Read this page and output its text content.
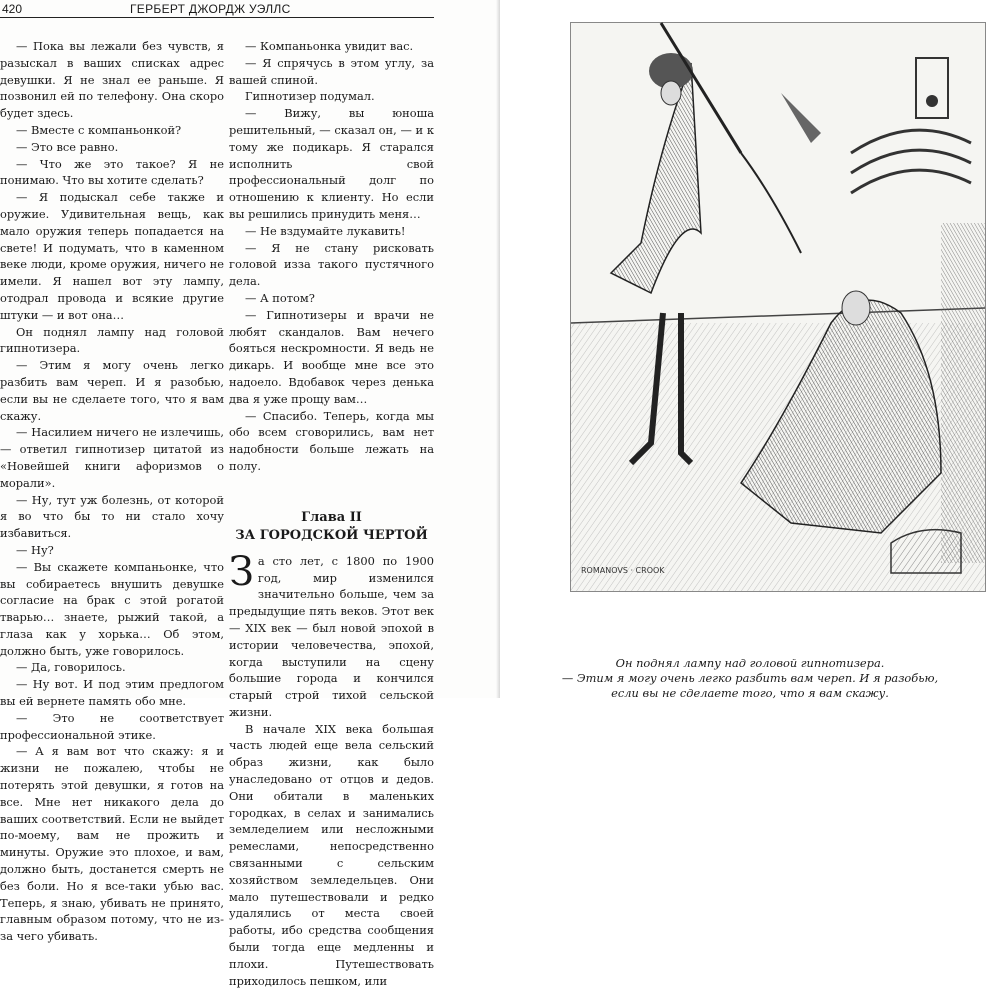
420	ГЕРБЕРТ ДЖОРДЖ УЭЛЛС

— Пока вы лежали без чувств, я разыскал в ваших списках адрес девушки. Я не знал ее раньше. Я позвонил ей по телефону. Она скоро будет здесь.

— Вместе с компаньонкой?

— Это все равно.

— Что же это такое? Я не понимаю. Что вы хотите сделать?

— Я подыскал себе также и оружие. Удивительная вещь, как мало оружия теперь попадается на свете! И подумать, что в каменном веке люди, кроме оружия, ничего не имели. Я нашел вот эту лампу, отодрал провода и всякие другие штуки — и вот она…

Он поднял лампу над головой гипнотизера.

— Этим я могу очень легко разбить вам череп. И я разобью, если вы не сделаете того, что я вам скажу.

— Насилием ничего не излечишь, — ответил гипнотизер цитатой из «Новейшей книги афоризмов о морали».

— Ну, тут уж болезнь, от которой я во что бы то ни стало хочу избавиться.

— Ну?

— Вы скажете компаньонке, что вы собираетесь внушить девушке согласие на брак с этой рогатой тварью… знаете, рыжий такой, а глаза как у хорька… Об этом, должно быть, уже говорилось.

— Да, говорилось.

— Ну вот. И под этим предлогом вы ей вернете память обо мне.

— Это не соответствует профессиональной этике.

— А я вам вот что скажу: я и жизни не пожалею, чтобы не потерять этой девушки, я готов на все. Мне нет никакого дела до ваших соответствий. Если не выйдет по-моему, вам не прожить и минуты. Оружие это плохое, и вам, должно быть, достанется смерть не без боли. Но я все-таки убью вас. Теперь, я знаю, убивать не принято, главным образом потому, что не из-за чего убивать.

— Компаньонка увидит вас.

— Я спрячусь в этом углу, за вашей спиной.

Гипнотизер подумал.

— Вижу, вы юноша решительный, — сказал он, — и к тому же подикарь. Я старался исполнить свой профессиональный долг по отношению к клиенту. Но если вы решились принудить меня…

— Не вздумайте лукавить!

— Я не стану рисковать головой изза такого пустячного дела.

— А потом?

— Гипнотизеры и врачи не любят скандалов. Вам нечего бояться нескромности. Я ведь не дикарь. И вообще мне все это надоело. Вдобавок через денька два я уже прощу вам…

— Спасибо. Теперь, когда мы обо всем сговорились, вам нет надобности больше лежать на полу.

Глава II
ЗА ГОРОДСКОЙ ЧЕРТОЙ

За сто лет, с 1800 по 1900 год, мир изменился значительно больше, чем за предыдущие пять веков. Этот век — XIX век — был новой эпохой в истории человечества, эпохой, когда выступили на сцену большие города и кончился старый строй тихой сельской жизни.

В начале XIX века большая часть людей еще вела сельский образ жизни, как было унаследовано от отцов и дедов. Они обитали в маленьких городках, в селах и занимались земледелием или несложными ремеслами, непосредственно связанными с сельским хозяйством земледельцев. Они мало путешествовали и редко удалялись от места своей работы, ибо средства сообщения были тогда еще медленны и плохи. Путешествовать приходилось пешком, или

ROMANOVS · CROOK
Он поднял лампу над головой гипнотизера.
— Этим я могу очень легко разбить вам череп. И я разобью,
если вы не сделаете того, что я вам скажу.
